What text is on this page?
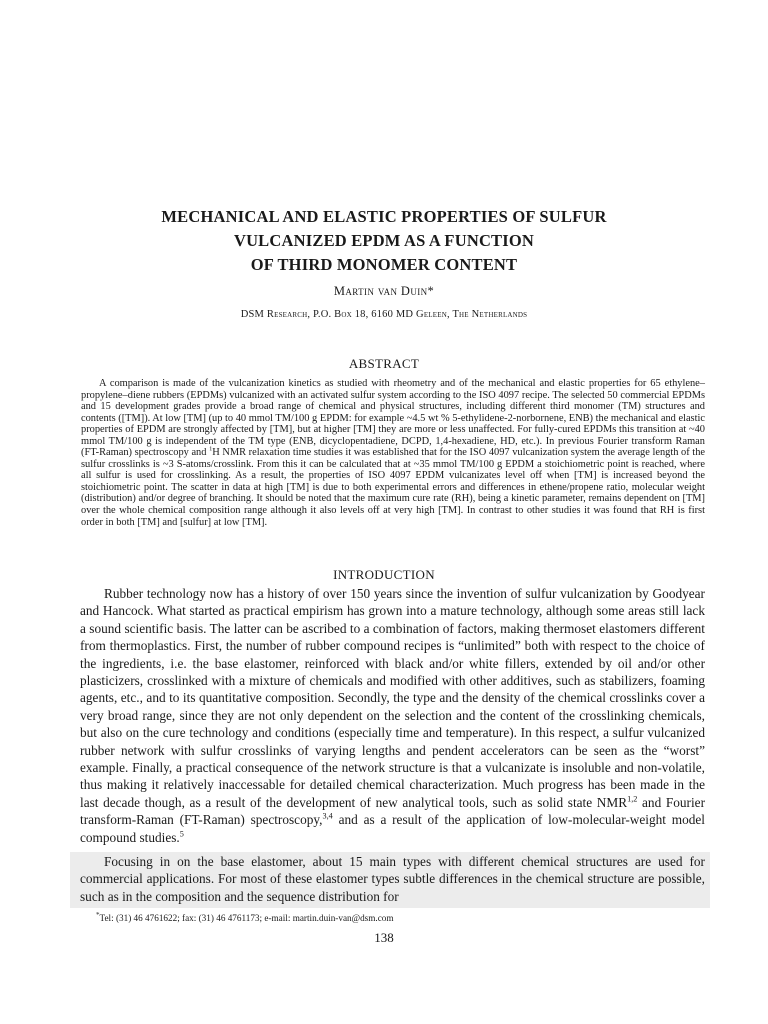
MECHANICAL AND ELASTIC PROPERTIES OF SULFUR
VULCANIZED EPDM AS A FUNCTION
OF THIRD MONOMER CONTENT
Martin van Duin*
DSM Research, P.O. Box 18, 6160 MD Geleen, The Netherlands
ABSTRACT

A comparison is made of the vulcanization kinetics as studied with rheometry and of the mechanical and elastic properties for 65 ethylene–propylene–diene rubbers (EPDMs) vulcanized with an activated sulfur system according to the ISO 4097 recipe. The selected 50 commercial EPDMs and 15 development grades provide a broad range of chemical and physical structures, including different third monomer (TM) structures and contents ([TM]). At low [TM] (up to 40 mmol TM/100 g EPDM: for example ~4.5 wt % 5-ethylidene-2-norbornene, ENB) the mechanical and elastic properties of EPDM are strongly affected by [TM], but at higher [TM] they are more or less unaffected. For fully-cured EPDMs this transition at ~40 mmol TM/100 g is independent of the TM type (ENB, dicyclopentadiene, DCPD, 1,4-hexadiene, HD, etc.). In previous Fourier transform Raman (FT-Raman) spectroscopy and $^1$H NMR relaxation time studies it was established that for the ISO 4097 vulcanization system the average length of the sulfur crosslinks is ~3 S-atoms/crosslink. From this it can be calculated that at ~35 mmol TM/100 g EPDM a stoichiometric point is reached, where all sulfur is used for crosslinking. As a result, the properties of ISO 4097 EPDM vulcanizates level off when [TM] is increased beyond the stoichiometric point. The scatter in data at high [TM] is due to both experimental errors and differences in ethene/propene ratio, molecular weight (distribution) and/or degree of branching. It should be noted that the maximum cure rate (RH), being a kinetic parameter, remains dependent on [TM] over the whole chemical composition range although it also levels off at very high [TM]. In contrast to other studies it was found that RH is first order in both [TM] and [sulfur] at low [TM].

INTRODUCTION

Rubber technology now has a history of over 150 years since the invention of sulfur vulcanization by Goodyear and Hancock. What started as practical empirism has grown into a mature technology, although some areas still lack a sound scientific basis. The latter can be ascribed to a combination of factors, making thermoset elastomers different from thermoplastics. First, the number of rubber compound recipes is “unlimited” both with respect to the choice of the ingredients, i.e. the base elastomer, reinforced with black and/or white fillers, extended by oil and/or other plasticizers, crosslinked with a mixture of chemicals and modified with other additives, such as stabilizers, foaming agents, etc., and to its quantitative composition. Secondly, the type and the density of the chemical crosslinks cover a very broad range, since they are not only dependent on the selection and the content of the crosslinking chemicals, but also on the cure technology and conditions (especially time and temperature). In this respect, a sulfur vulcanized rubber network with sulfur crosslinks of varying lengths and pendent accelerators can be seen as the “worst” example. Finally, a practical consequence of the network structure is that a vulcanizate is insoluble and non-volatile, thus making it relatively inaccessable for detailed chemical characterization. Much progress has been made in the last decade though, as a result of the development of new analytical tools, such as solid state NMR$^{1,2}$ and Fourier transform-Raman (FT-Raman) spectroscopy,$^{3,4}$ and as a result of the application of low-molecular-weight model compound studies.$^5$

Focusing in on the base elastomer, about 15 main types with different chemical structures are used for commercial applications. For most of these elastomer types subtle differences in the chemical structure are possible, such as in the composition and the sequence distribution for

*Tel: (31) 46 4761622; fax: (31) 46 4761173; e-mail: martin.duin-van@dsm.com
138
